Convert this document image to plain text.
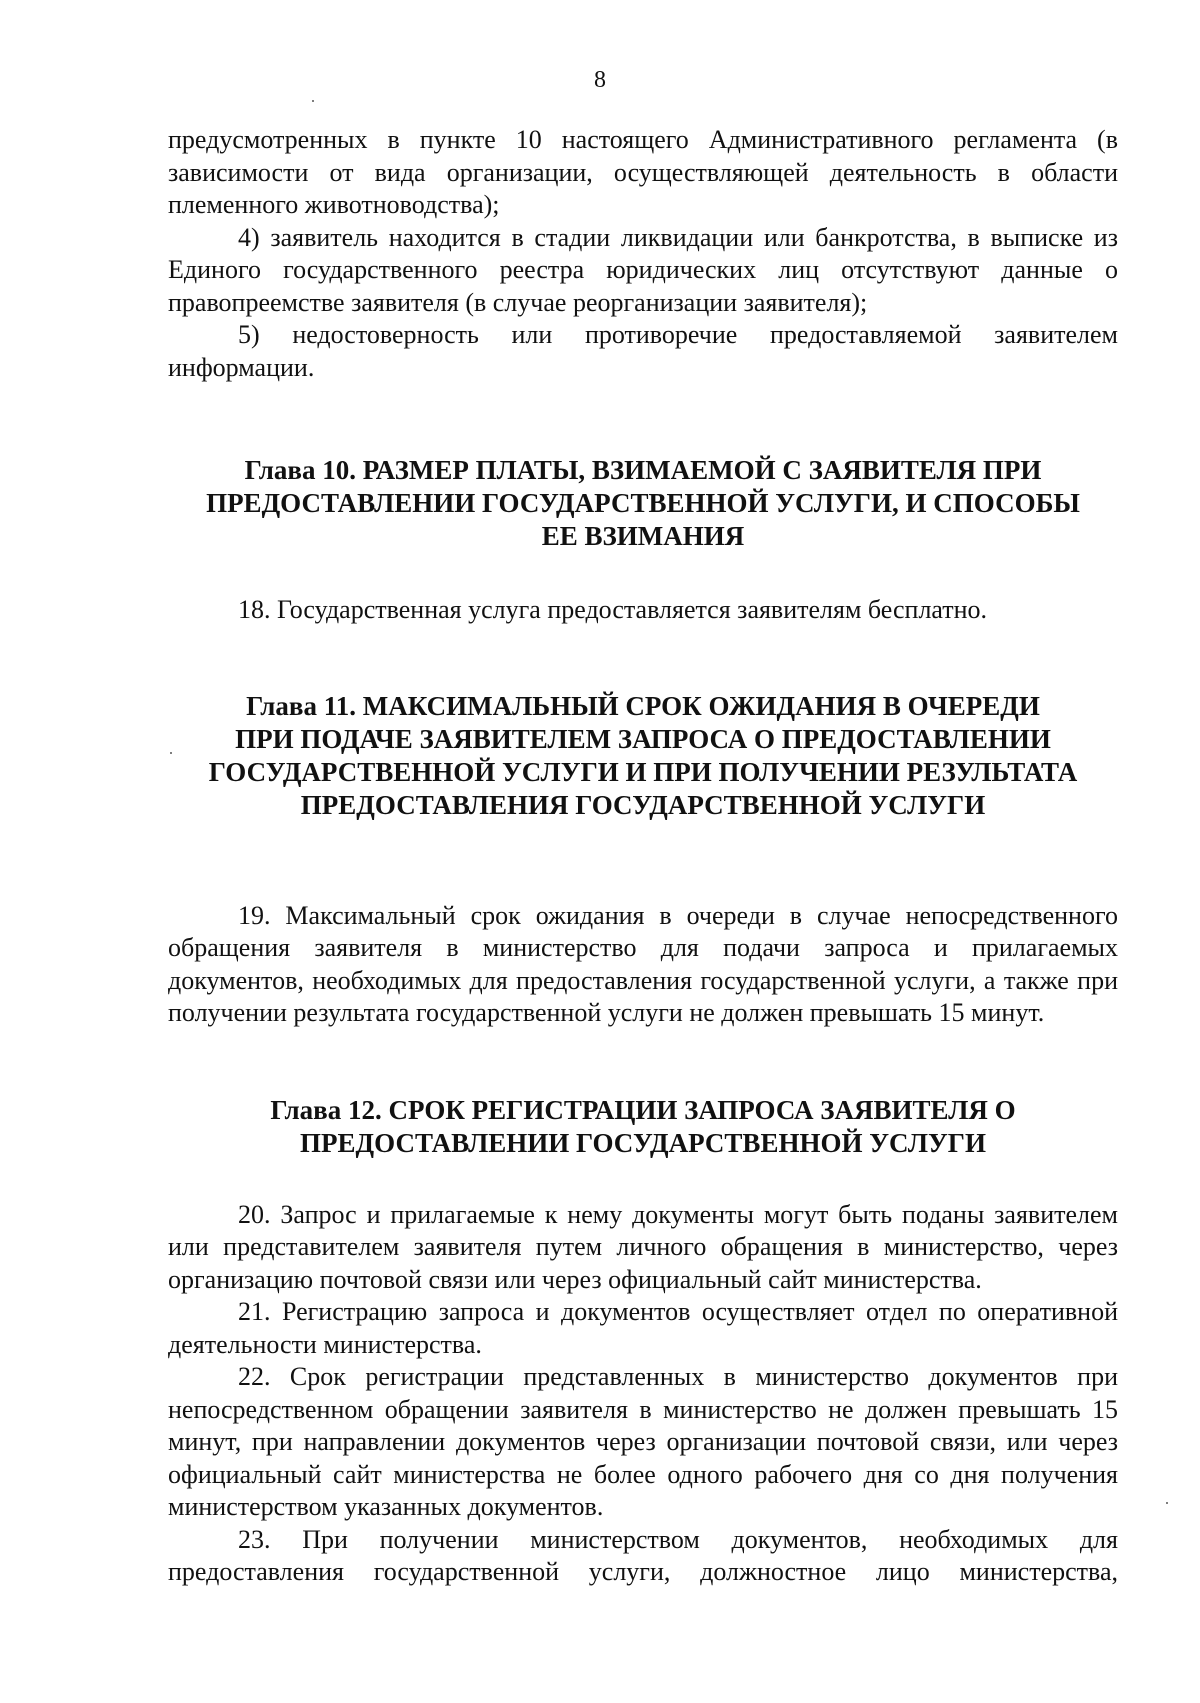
8

предусмотренных в пункте 10 настоящего Административного регламента (в зависимости от вида организации, осуществляющей деятельность в области племенного животноводства);

4) заявитель находится в стадии ликвидации или банкротства, в выписке из Единого государственного реестра юридических лиц отсутствуют данные о правопреемстве заявителя (в случае реорганизации заявителя);

5) недостоверность или противоречие предоставляемой заявителем информации.

Глава 10. РАЗМЕР ПЛАТЫ, ВЗИМАЕМОЙ С ЗАЯВИТЕЛЯ ПРИ
ПРЕДОСТАВЛЕНИИ ГОСУДАРСТВЕННОЙ УСЛУГИ, И СПОСОБЫ
ЕЕ ВЗИМАНИЯ

18. Государственная услуга предоставляется заявителям бесплатно.

Глава 11. МАКСИМАЛЬНЫЙ СРОК ОЖИДАНИЯ В ОЧЕРЕДИ
ПРИ ПОДАЧЕ ЗАЯВИТЕЛЕМ ЗАПРОСА О ПРЕДОСТАВЛЕНИИ
ГОСУДАРСТВЕННОЙ УСЛУГИ И ПРИ ПОЛУЧЕНИИ РЕЗУЛЬТАТА
ПРЕДОСТАВЛЕНИЯ ГОСУДАРСТВЕННОЙ УСЛУГИ

19. Максимальный срок ожидания в очереди в случае непосредственного обращения заявителя в министерство для подачи запроса и прилагаемых документов, необходимых для предоставления государственной услуги, а также при получении результата государственной услуги не должен превышать 15 минут.

Глава 12. СРОК РЕГИСТРАЦИИ ЗАПРОСА ЗАЯВИТЕЛЯ О
ПРЕДОСТАВЛЕНИИ ГОСУДАРСТВЕННОЙ УСЛУГИ

20. Запрос и прилагаемые к нему документы могут быть поданы заявителем или представителем заявителя путем личного обращения в министерство, через организацию почтовой связи или через официальный сайт министерства.

21. Регистрацию запроса и документов осуществляет отдел по оперативной деятельности министерства.

22. Срок регистрации представленных в министерство документов при непосредственном обращении заявителя в министерство не должен превышать 15 минут, при направлении документов через организации почтовой связи, или через официальный сайт министерства не более одного рабочего дня со дня получения министерством указанных документов.

23. При получении министерством документов, необходимых для предоставления государственной услуги, должностное лицо министерства,
